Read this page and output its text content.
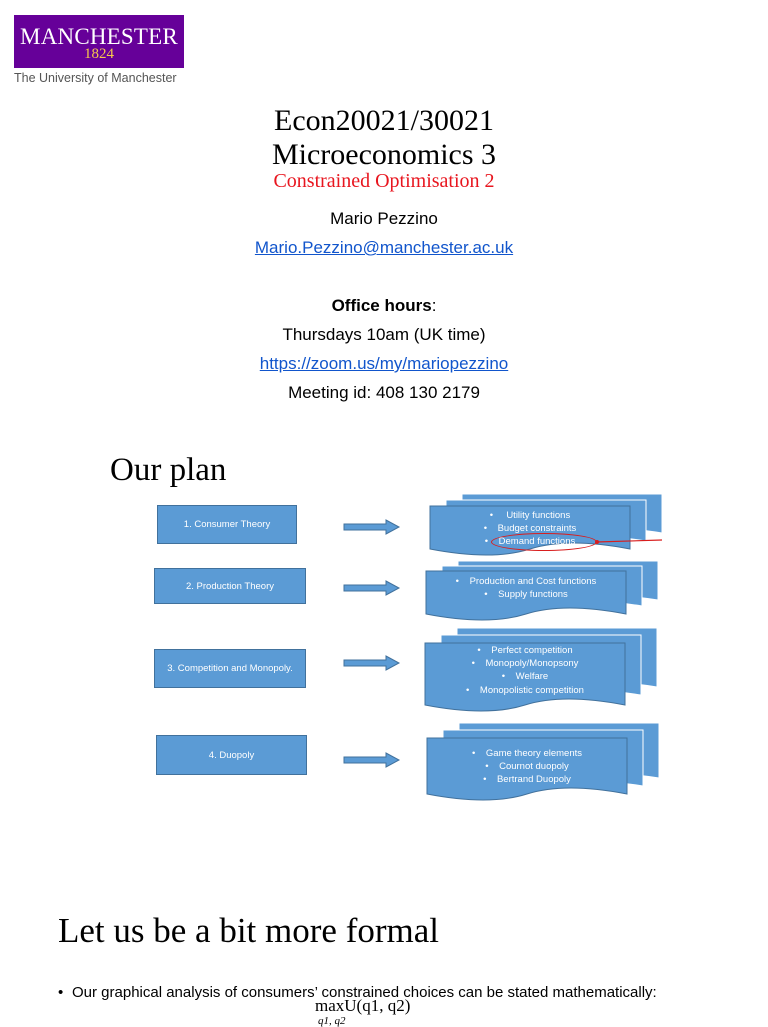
MANCHESTER
1824
The University of Manchester
Econ20021/30021
Microeconomics 3
Constrained Optimisation 2
Mario Pezzino
Mario.Pezzino@manchester.ac.uk
Office hours:
Thursdays 10am (UK time)
https://zoom.us/my/mariopezzino
Meeting id: 408 130 2179
Our plan
1. Consumer Theory
•     Utility functions
•    Budget constraints
•    Demand functions
2. Production Theory	•    Production and Cost functions
•    Supply functions
3. Competition and Monopoly.
•    Perfect competition
•    Monopoly/Monopsony
•    Welfare
•    Monopolistic competition
4. Duopoly	•    Game theory elements
•    Cournot duopoly
•    Bertrand Duopoly
Let us be a bit more formal
• Our graphical analysis of consumers’ constrained choices can be stated mathematically:
maxU(q1, q2)
q1, q2
